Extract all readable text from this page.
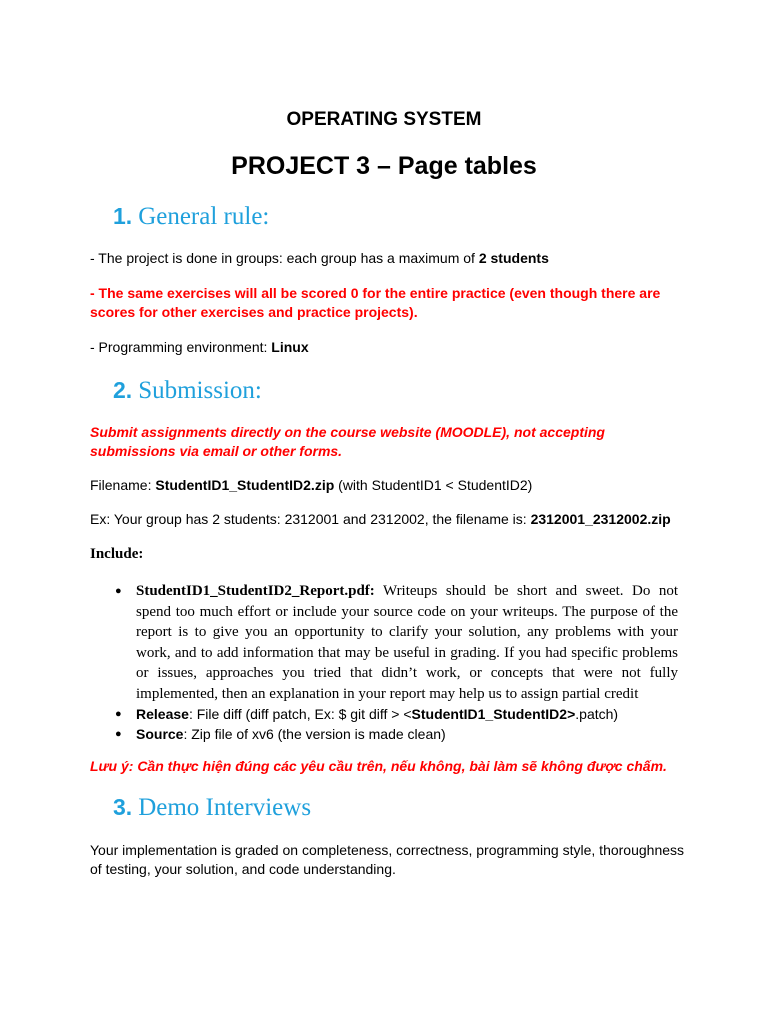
OPERATING SYSTEM
PROJECT 3 – Page tables
1. General rule:

- The project is done in groups: each group has a maximum of 2 students

- The same exercises will all be scored 0 for the entire practice (even though there are scores for other exercises and practice projects).

- Programming environment: Linux

2. Submission:

Submit assignments directly on the course website (MOODLE), not accepting submissions via email or other forms.

Filename: StudentID1_StudentID2.zip (with StudentID1 < StudentID2)

Ex: Your group has 2 students: 2312001 and 2312002, the filename is: 2312001_2312002.zip

Include:

● StudentID1_StudentID2_Report.pdf: Writeups should be short and sweet. Do not spend too much effort or include your source code on your writeups. The purpose of the report is to give you an opportunity to clarify your solution, any problems with your work, and to add information that may be useful in grading. If you had specific problems or issues, approaches you tried that didn’t work, or concepts that were not fully implemented, then an explanation in your report may help us to assign partial credit
● Release: File diff (diff patch, Ex: $ git diff > <StudentID1_StudentID2>.patch)
● Source: Zip file of xv6 (the version is made clean)

Lưu ý: Cần thực hiện đúng các yêu cầu trên, nếu không, bài làm sẽ không được chấm.

3. Demo Interviews

Your implementation is graded on completeness, correctness, programming style, thoroughness of testing, your solution, and code understanding.
